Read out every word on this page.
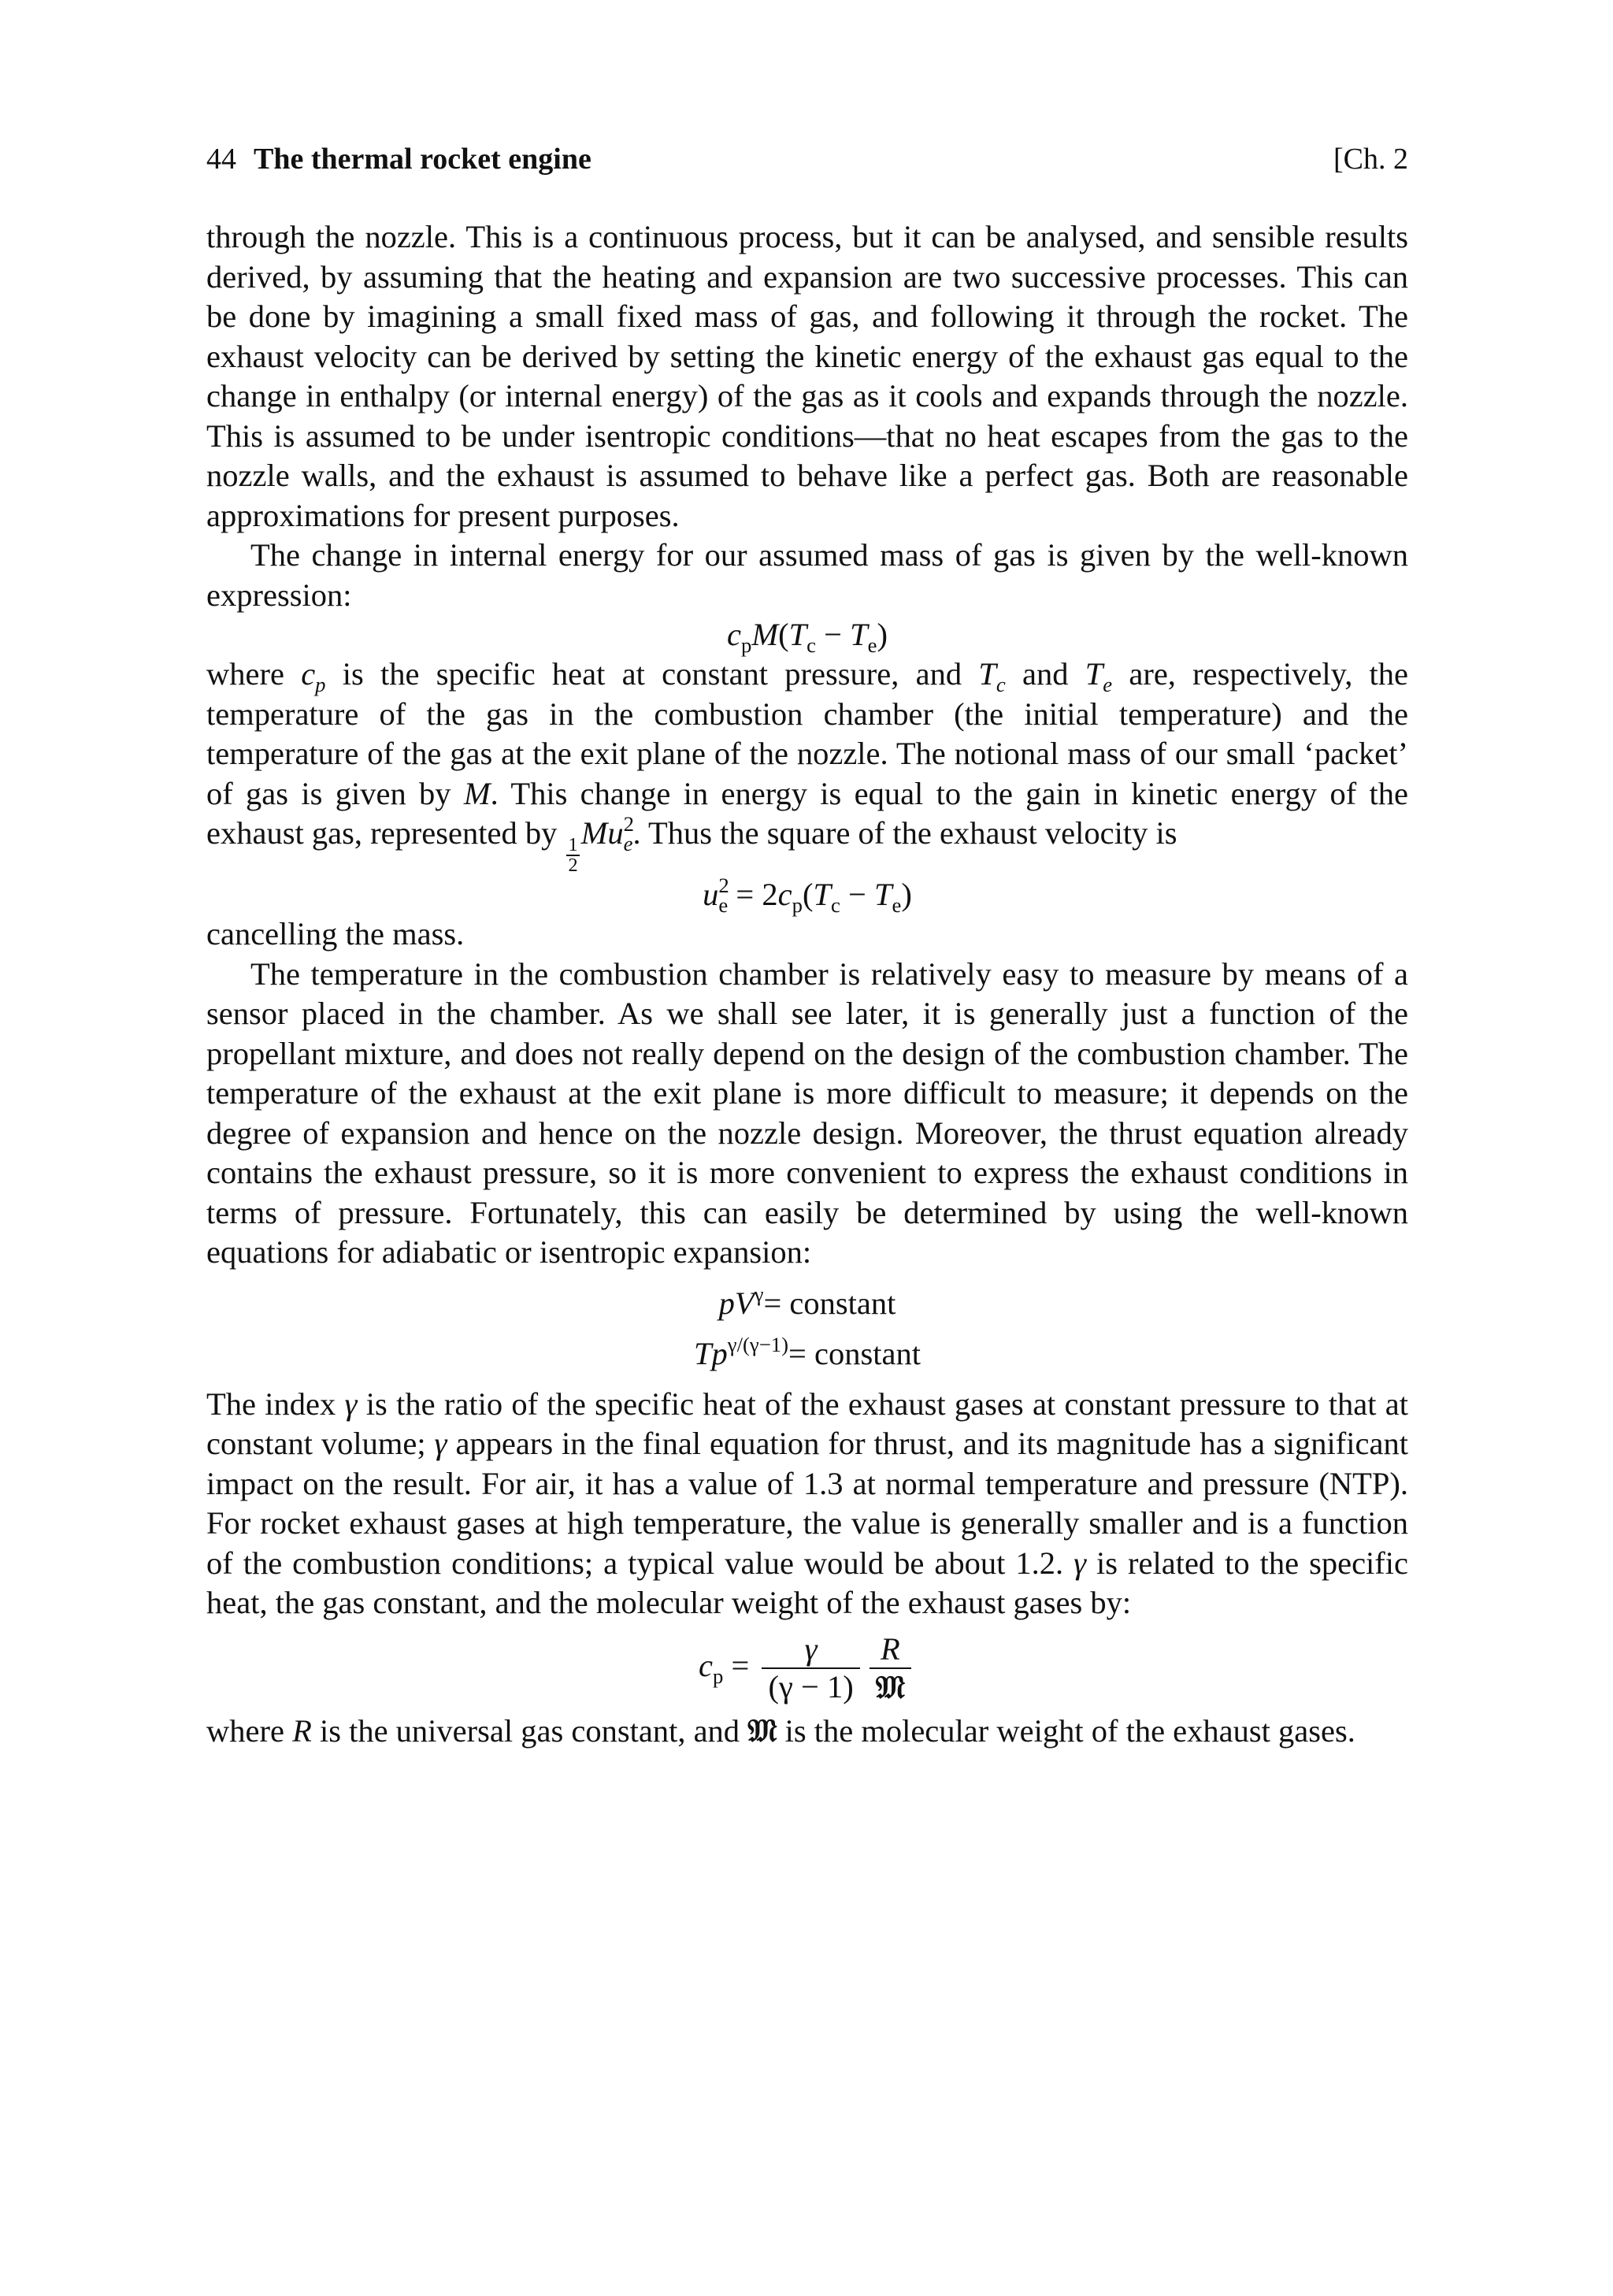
44 The thermal rocket engine	[Ch. 2

through the nozzle. This is a continuous process, but it can be analysed, and sensible results derived, by assuming that the heating and expansion are two successive processes. This can be done by imagining a small fixed mass of gas, and following it through the rocket. The exhaust velocity can be derived by setting the kinetic energy of the exhaust gas equal to the change in enthalpy (or internal energy) of the gas as it cools and expands through the nozzle. This is assumed to be under isentropic conditions—that no heat escapes from the gas to the nozzle walls, and the exhaust is assumed to behave like a perfect gas. Both are reasonable approximations for present purposes.

The change in internal energy for our assumed mass of gas is given by the well-known expression:

$c_pM(T_c - T_e)$

where $c_p$ is the specific heat at constant pressure, and $T_c$ and $T_e$ are, respectively, the temperature of the gas in the combustion chamber (the initial temperature) and the temperature of the gas at the exit plane of the nozzle. The notional mass of our small ‘packet’ of gas is given by M. This change in energy is equal to the gain in kinetic energy of the exhaust gas, represented by
$\frac{1}{2}$
$Mu^2_e$. Thus the square of the exhaust velocity is

$u^2_e = 2c_p(T_c - T_e)$

cancelling the mass.

The temperature in the combustion chamber is relatively easy to measure by means of a sensor placed in the chamber. As we shall see later, it is generally just a function of the propellant mixture, and does not really depend on the design of the combustion chamber. The temperature of the exhaust at the exit plane is more difficult to measure; it depends on the degree of expansion and hence on the nozzle design. Moreover, the thrust equation already contains the exhaust pressure, so it is more convenient to express the exhaust conditions in terms of pressure. Fortunately, this can easily be determined by using the well-known equations for adiabatic or isentropic expansion:

$pV^\gamma=$ constant
$Tp^{\gamma/(\gamma-1)}=$ constant

The index γ is the ratio of the specific heat of the exhaust gases at constant pressure to that at constant volume; γ appears in the final equation for thrust, and its magnitude has a significant impact on the result. For air, it has a value of 1.3 at normal temperature and pressure (NTP). For rocket exhaust gases at high temperature, the value is generally smaller and is a function of the combustion conditions; a typical value would be about 1.2. γ is related to the specific heat, the gas constant, and the molecular weight of the exhaust gases by:

$c_p = \frac{\gamma}{(\gamma - 1)} \frac{R}{\text{𝔐}}$

where R is the universal gas constant, and 𝔐 is the molecular weight of the exhaust gases.
